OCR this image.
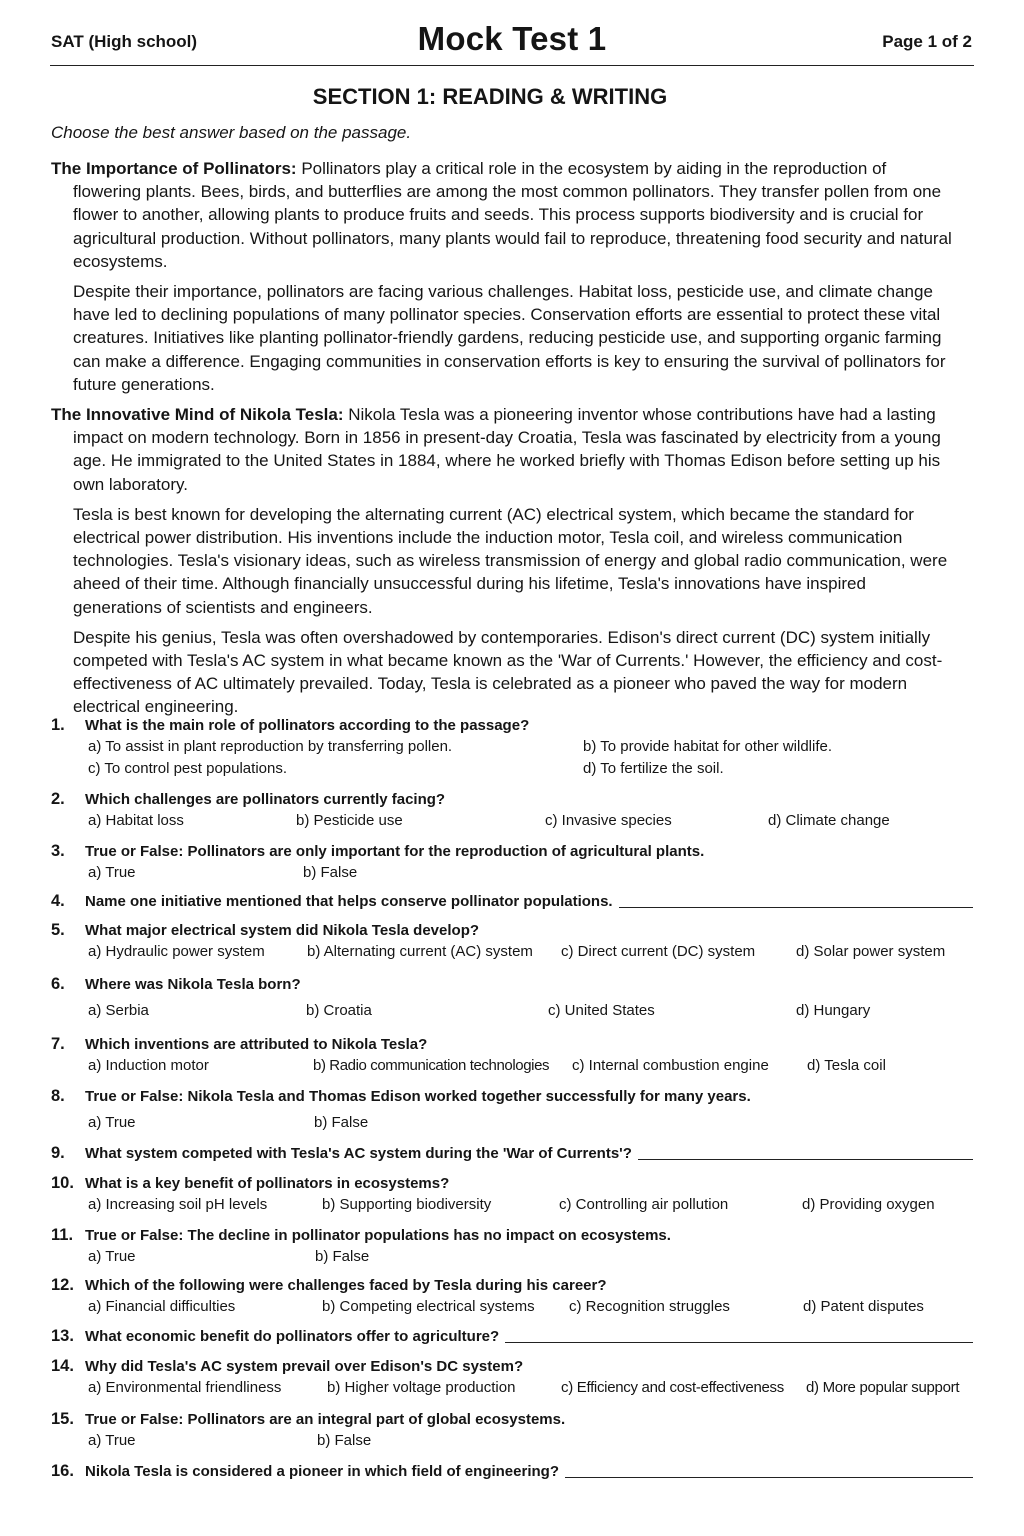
SAT (High school)	Mock Test 1	Page 1 of 2
SECTION 1: READING & WRITING
Choose the best answer based on the passage.

The Importance of Pollinators: Pollinators play a critical role in the ecosystem by aiding in the reproduction of flowering plants. Bees, birds, and butterflies are among the most common pollinators. They transfer pollen from one flower to another, allowing plants to produce fruits and seeds. This process supports biodiversity and is crucial for agricultural production. Without pollinators, many plants would fail to reproduce, threatening food security and natural ecosystems.

Despite their importance, pollinators are facing various challenges. Habitat loss, pesticide use, and climate change have led to declining populations of many pollinator species. Conservation efforts are essential to protect these vital creatures. Initiatives like planting pollinator-friendly gardens, reducing pesticide use, and supporting organic farming can make a difference. Engaging communities in conservation efforts is key to ensuring the survival of pollinators for future generations.

The Innovative Mind of Nikola Tesla: Nikola Tesla was a pioneering inventor whose contributions have had a lasting impact on modern technology. Born in 1856 in present-day Croatia, Tesla was fascinated by electricity from a young age. He immigrated to the United States in 1884, where he worked briefly with Thomas Edison before setting up his own laboratory.

Tesla is best known for developing the alternating current (AC) electrical system, which became the standard for electrical power distribution. His inventions include the induction motor, Tesla coil, and wireless communication technologies. Tesla's visionary ideas, such as wireless transmission of energy and global radio communication, were aheed of their time. Although financially unsuccessful during his lifetime, Tesla's innovations have inspired generations of scientists and engineers.

Despite his genius, Tesla was often overshadowed by contemporaries. Edison's direct current (DC) system initially competed with Tesla's AC system in what became known as the 'War of Currents.' However, the efficiency and cost-effectiveness of AC ultimately prevailed. Today, Tesla is celebrated as a pioneer who paved the way for modern electrical engineering.

1.	What is the main role of pollinators according to the passage?
a) To assist in plant reproduction by transferring pollen.	b) To provide habitat for other wildlife.
c) To control pest populations.	d) To fertilize the soil.
2.	Which challenges are pollinators currently facing?
a) Habitat loss	b) Pesticide use	c) Invasive species	d) Climate change
3.	True or False: Pollinators are only important for the reproduction of agricultural plants.
a) True	b) False
4.	Name one initiative mentioned that helps conserve pollinator populations.
5.	What major electrical system did Nikola Tesla develop?
a) Hydraulic power system	b) Alternating current (AC) system c) Direct current (DC) system	d) Solar power system
6.	Where was Nikola Tesla born?
a) Serbia	b) Croatia	c) United States	d) Hungary
7.	Which inventions are attributed to Nikola Tesla?
a) Induction motor	b) Radio communication technologies c) Internal combustion engine	d) Tesla coil
8.	True or False: Nikola Tesla and Thomas Edison worked together successfully for many years.
a) True	b) False
9.	What system competed with Tesla's AC system during the 'War of Currents'?
10. What is a key benefit of pollinators in ecosystems?
a) Increasing soil pH levels	b) Supporting biodiversity	c) Controlling air pollution	d) Providing oxygen
11. True or False: The decline in pollinator populations has no impact on ecosystems.
a) True	b) False
12. Which of the following were challenges faced by Tesla during his career?
a) Financial difficulties	b) Competing electrical systems c) Recognition struggles	d) Patent disputes
13. What economic benefit do pollinators offer to agriculture?
14. Why did Tesla's AC system prevail over Edison's DC system?
a) Environmental friendliness	b) Higher voltage production	c) Efficiency and cost-effectiveness d) More popular support
15. True or False: Pollinators are an integral part of global ecosystems.
a) True	b) False
16. Nikola Tesla is considered a pioneer in which field of engineering?
